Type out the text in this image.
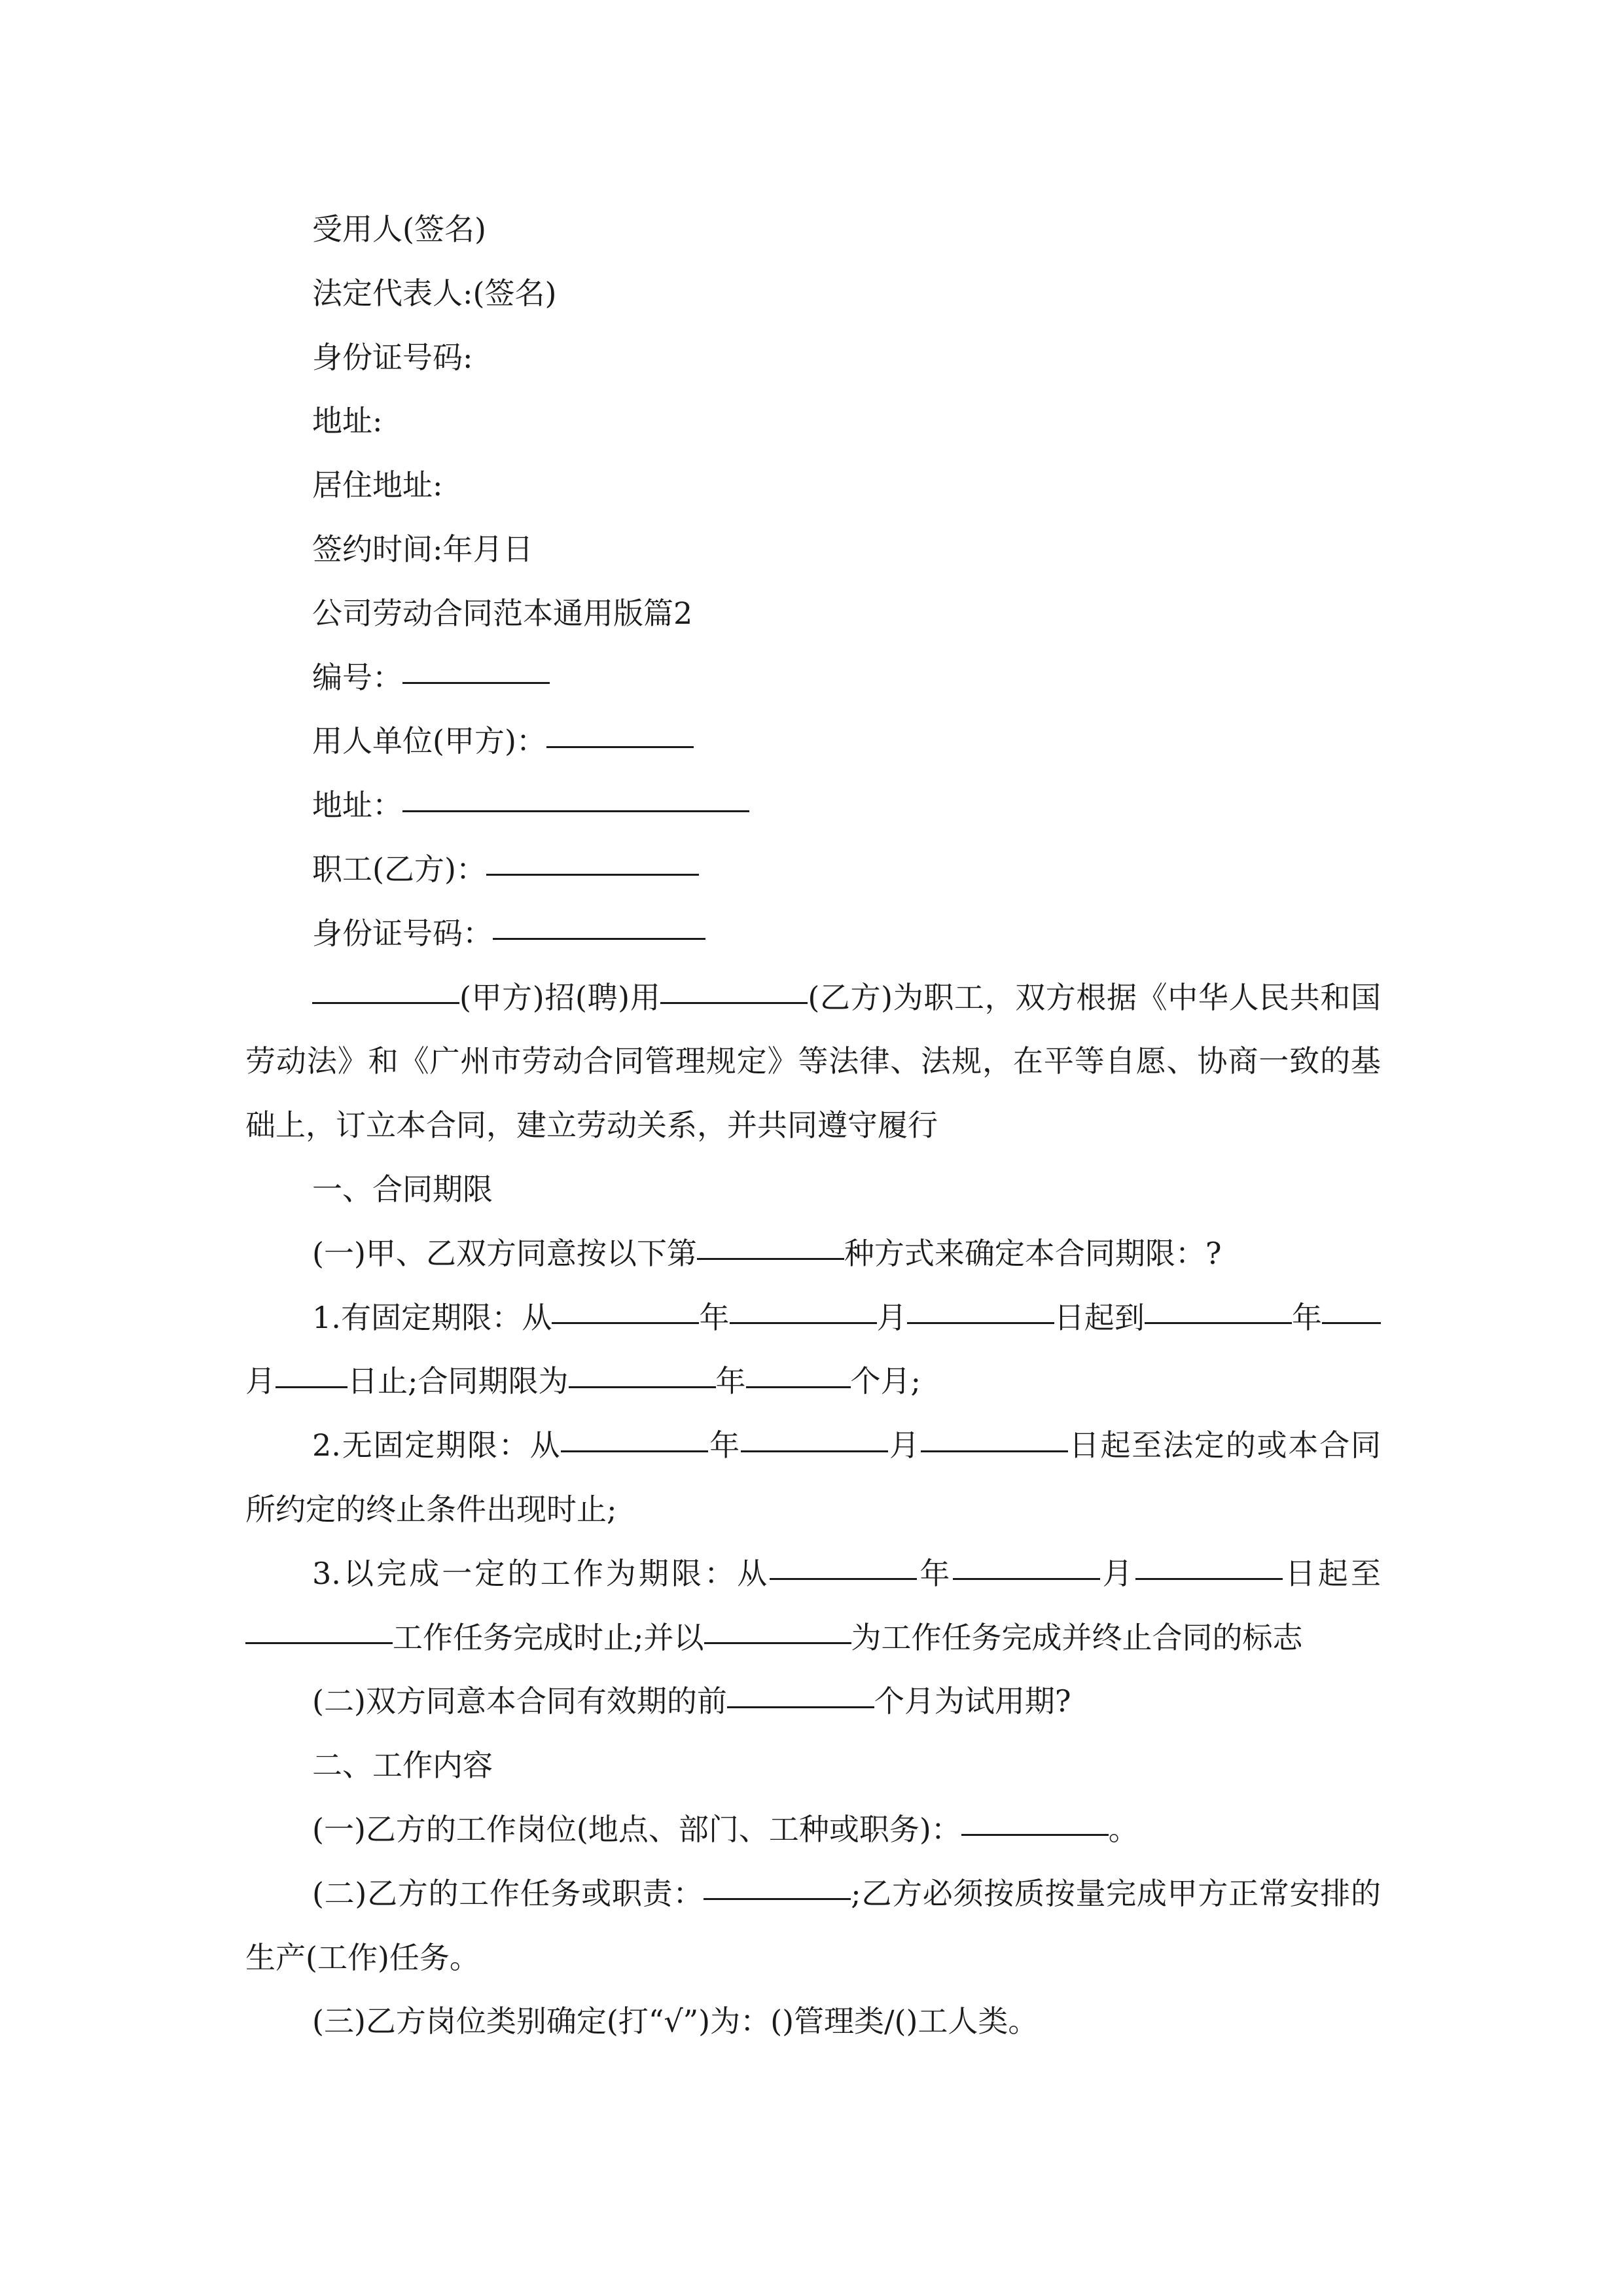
受用人(签名)
法定代表人:(签名)
身份证号码:
地址:
居住地址:
签约时间:年月日
公司劳动合同范本通用版篇2
编号：
用人单位(甲方)：
地址：
职工(乙方)：
身份证号码：
(甲方)招(聘)用	(乙方)为职工，双方根据《中华人民共和国劳动法》和《广州市劳动合同管理规定》等法律、法规，在平等自愿、协商一致的基础上，订立本合同，建立劳动关系，并共同遵守履行
一、合同期限
(一)甲、乙双方同意按以下第	种方式来确定本合同期限：?
1.有固定期限：从	年	月	日起到	年月 日止;合同期限为	年	个月;
2.无固定期限：从	年	月	日起至法定的或本合同所约定的终止条件出现时止;
3.以完成一定的工作为期限：从	年	月	日起至工作任务完成时止;并以	为工作任务完成并终止合同的标志
(二)双方同意本合同有效期的前	个月为试用期?
二、工作内容
(一)乙方的工作岗位(地点、部门、工种或职务)：	。
(二)乙方的工作任务或职责：	;乙方必须按质按量完成甲方正常安排的生产(工作)任务。
(三)乙方岗位类别确定(打“√”)为：()管理类/()工人类。
